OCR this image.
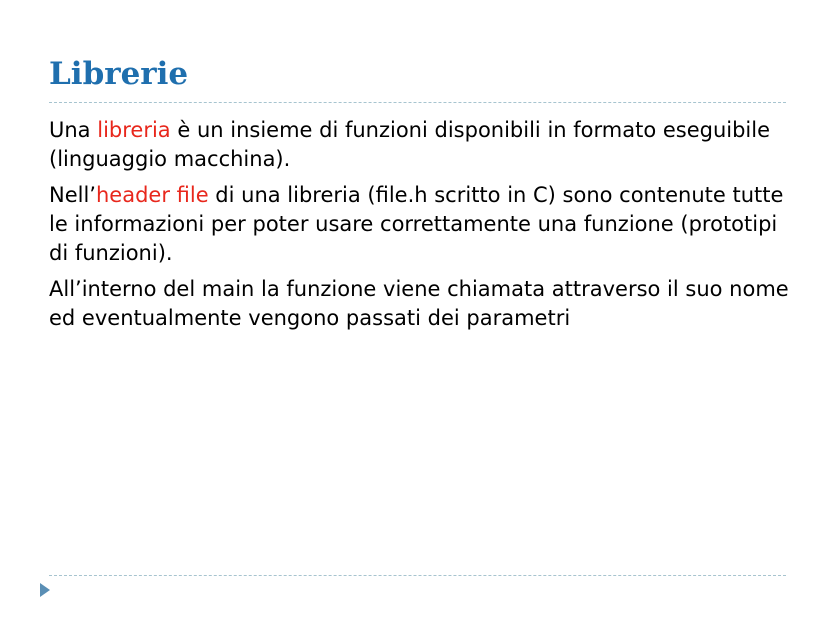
Librerie

Una libreria è un insieme di funzioni disponibili in formato eseguibile (linguaggio macchina).

Nell’header file di una libreria (file.h scritto in C) sono contenute tutte le informazioni per poter usare correttamente una funzione (prototipi di funzioni).

All’interno del main la funzione viene chiamata attraverso il suo nome ed eventualmente vengono passati dei parametri
